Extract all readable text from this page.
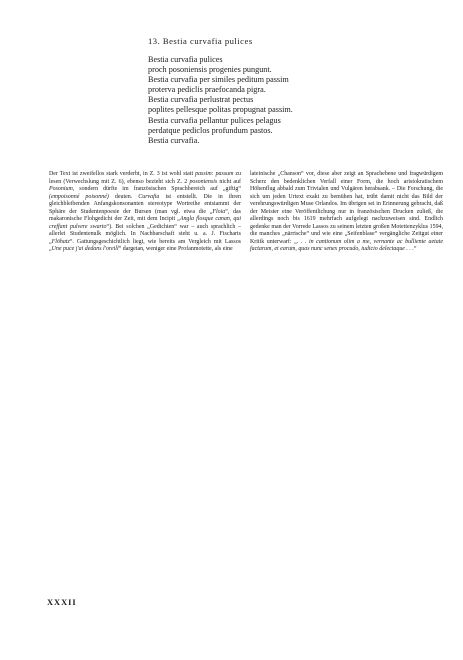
13. Bestia curvafia pulices
Bestia curvafia pulices
proch posoniensis progenies pungunt.
Bestia curvafia per similes peditum passim
proterva pediclis praefocanda pigra.
Bestia curvafia perlustrat pectus
poplites pellesque politas propugnat passim.
Bestia curvafia pellantur pulices pelagus
perdatque pediclos profundum pastos.
Bestia curvafia.

Der Text ist zweifellos stark verderbt, in Z. 3 ist wohl statt passim: passum zu lesen (Verwechslung mit Z. 6), ebenso bezieht sich Z. 2 posoniensis nicht auf Posonium, sondern dürfte im französischen Sprachbereich auf „giftig“ (empoisonné poisonné) deuten. Curvafia ist entstellt. Die in ihren gleichbleibenden Anfangskonsonanten stereotype Wortreihe entstammt der Sphäre der Studentenpoesie der Bursen (man vgl. etwa die „Floia“, das makaronische Flohgedicht der Zeit, mit dem Incipit „Angla flosque canan, qui creffant pulvere swarto“). Bei solchen „Gedichten“ war – auch sprachlich – allerlei Studentenulk möglich. In Nachbarschaft steht u. a. J. Fischarts „Flöhatz“. Gattungsgeschichtlich liegt, wie bereits am Vergleich mit Lassos „Une puce j'ai dedans l'oreill“ dargetan, weniger eine Profanmotette, als eine

lateinische „Chanson“ vor, diese aber zeigt an Sprachebene und fragwürdigem Scherz den bedenklichen Verfall einer Form, die hoch aristokratischem Höhenflug abbald zum Trivialen und Vulgären herabsank. – Die Forschung, die sich um jeden Urtext exakt zu bemühen hat, trübt damit nicht das Bild der verehrungswürdigen Muse Orlandos. Im übrigen sei in Erinnerung gebracht, daß der Meister eine Veröffentlichung nur in französischen Drucken zuließ, die allerdings noch bis 1619 mehrfach aufgelegt nachzuweisen sind. Endlich gedenke man der Vorrede Lassos zu seinem letzten großen Motettenzyklus 1594, die manches „närrische“ und wie eine „Seifenblase“ vergängliche Zeitgut einer Kritik unterwarf: „. . . in cantionum olim a me, vernante ac bulliente aetate factarum, et earum, quas nunc senex procudo, iudicio delectaque . . .“

XXXII
